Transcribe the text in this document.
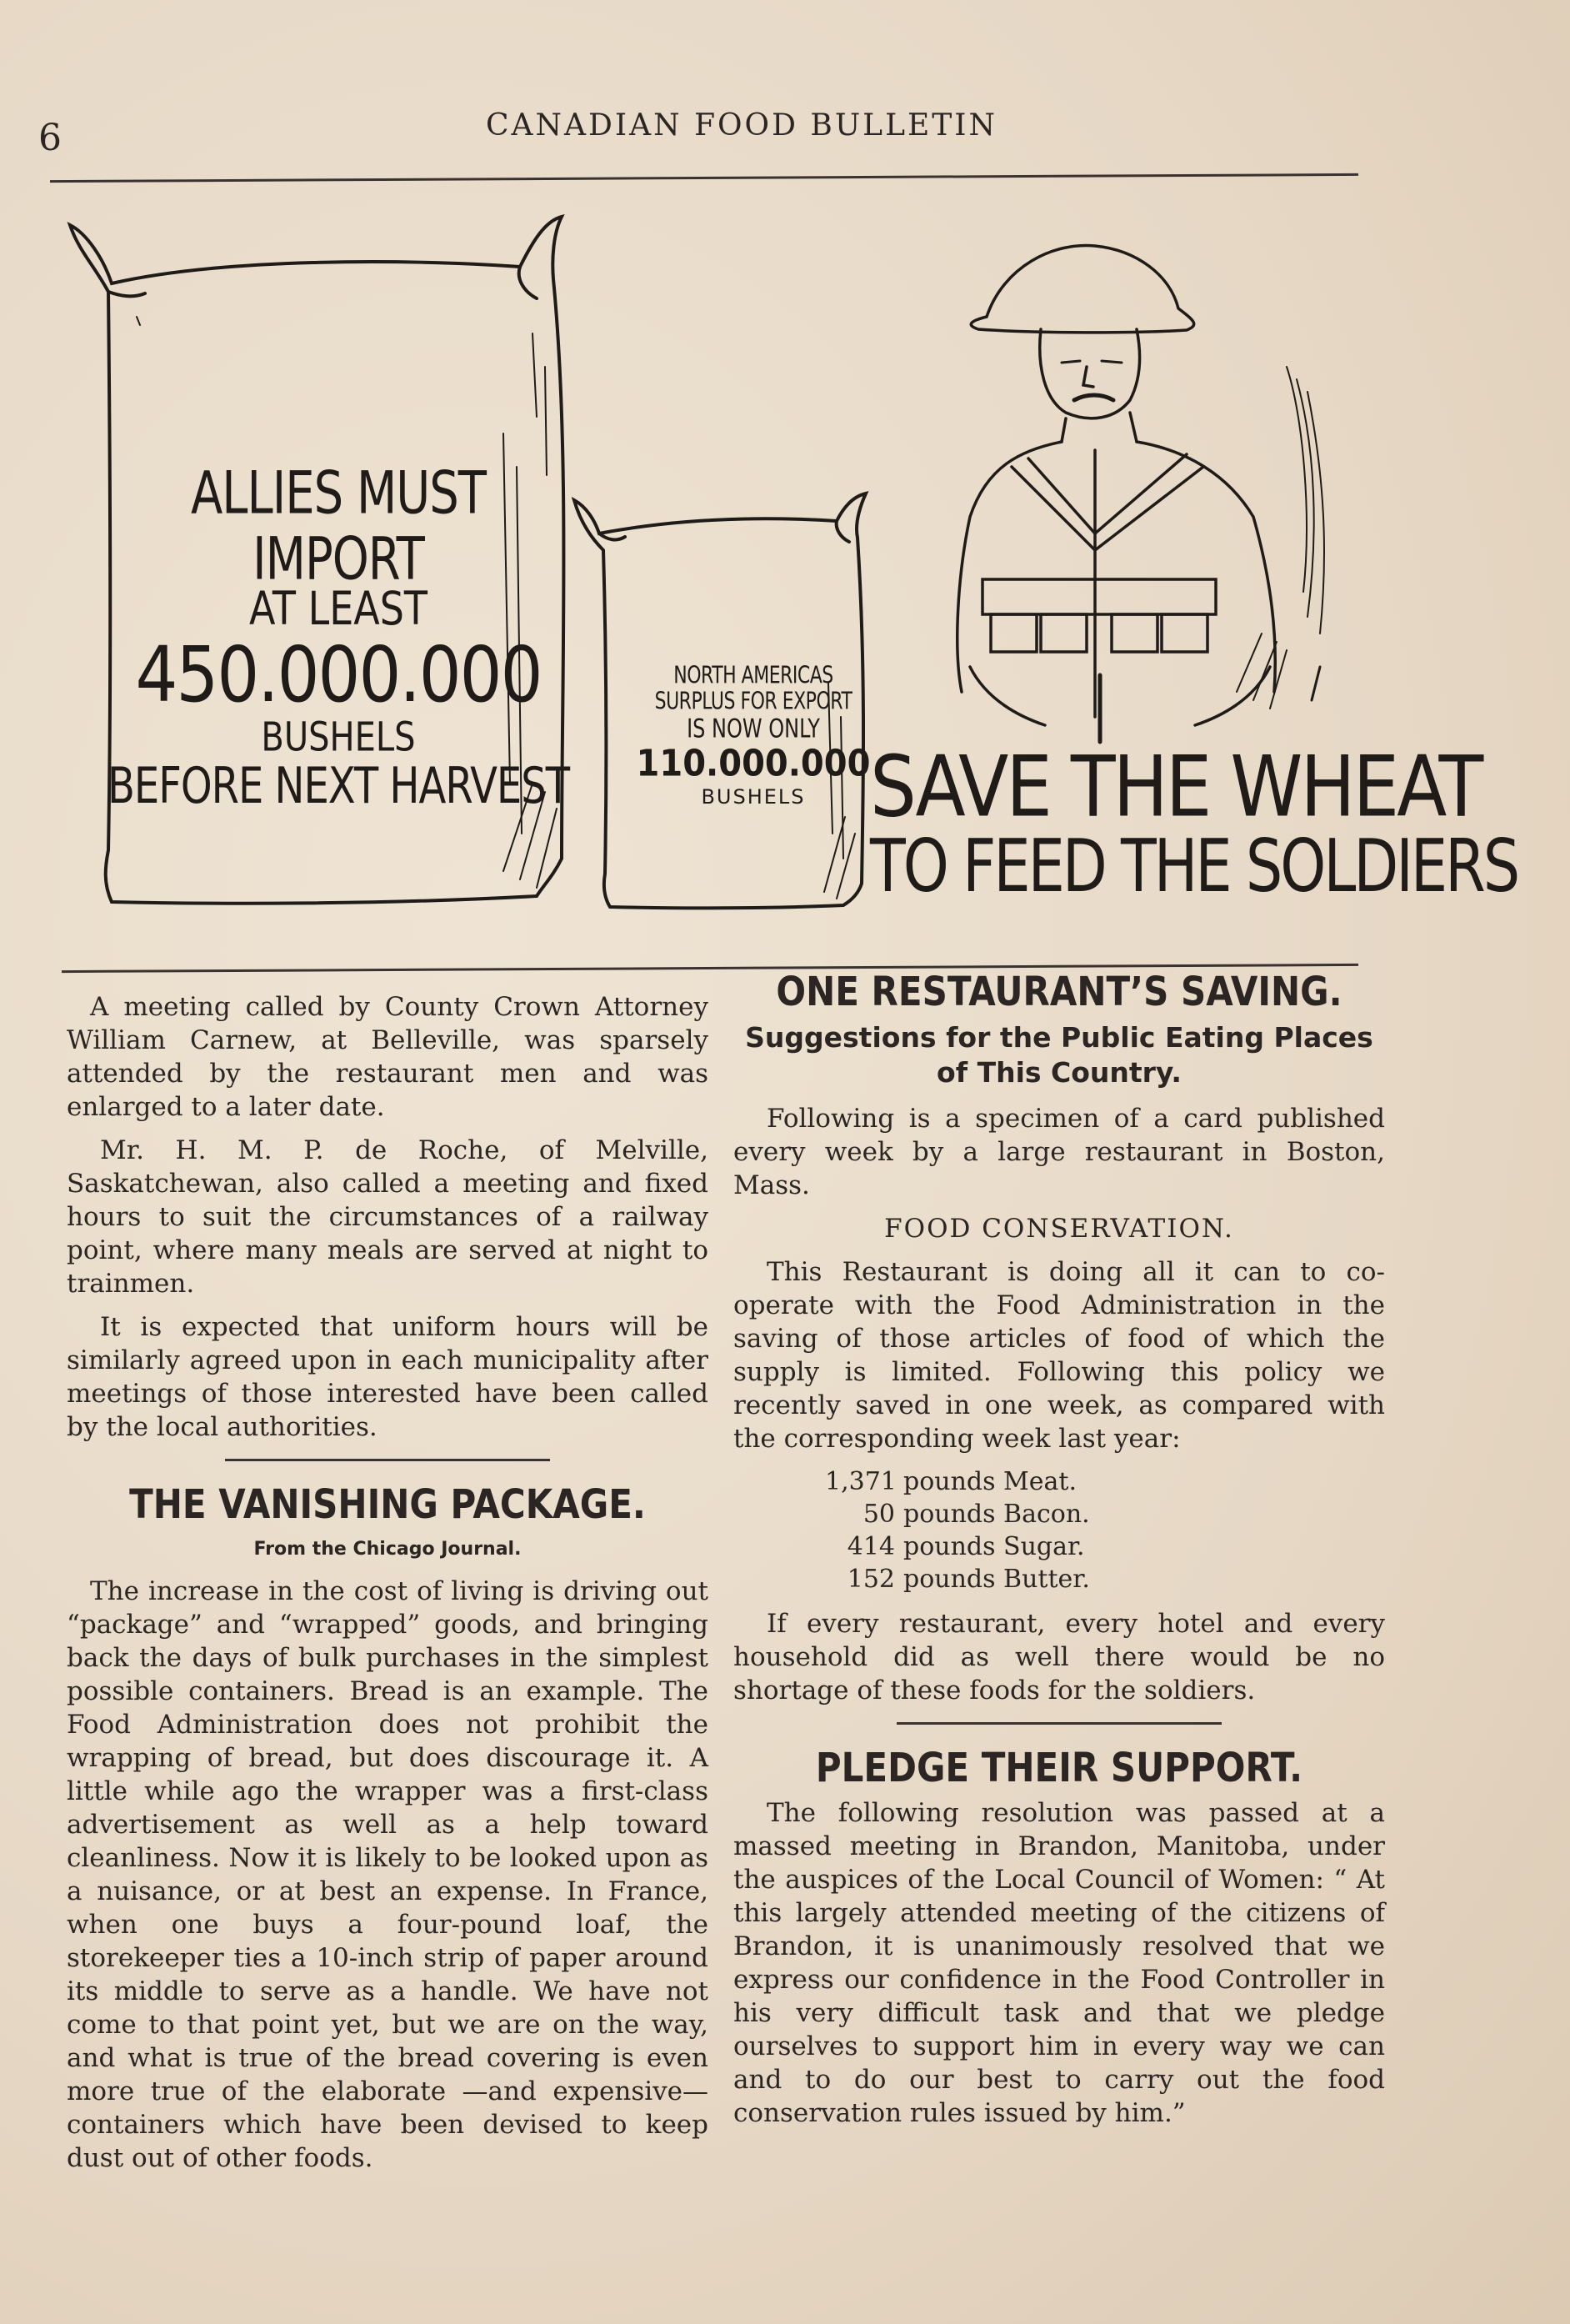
6	CANADIAN FOOD BULLETIN
ALLIES MUST IMPORT
AT LEAST
450.000.000
BUSHELS
BEFORE NEXT HARVEST
NORTH AMERICAS
SURPLUS FOR EXPORT
IS NOW ONLY
110.000.000
BUSHELS SAVE THE WHEAT
TO FEED THE SOLDIERS

A meeting called by County Crown Attorney William Carnew, at Belleville, was sparsely attended by the restaurant men and was enlarged to a later date.

Mr. H. M. P. de Roche, of Melville, Saskatchewan, also called a meeting and fixed hours to suit the circumstances of a railway point, where many meals are served at night to trainmen.

It is expected that uniform hours will be similarly agreed upon in each municipality after meetings of those interested have been called by the local authorities.

THE VANISHING PACKAGE.
From the Chicago Journal.

The increase in the cost of living is driving out “package” and “wrapped” goods, and bringing back the days of bulk purchases in the simplest possible containers. Bread is an example. The Food Administration does not prohibit the wrapping of bread, but does discourage it. A little while ago the wrapper was a first-class advertisement as well as a help toward cleanliness. Now it is likely to be looked upon as a nuisance, or at best an expense. In France, when one buys a four-pound loaf, the storekeeper ties a 10-inch strip of paper around its middle to serve as a handle. We have not come to that point yet, but we are on the way, and what is true of the bread covering is even more true of the elaborate —and expensive—containers which have been devised to keep dust out of other foods.

ONE RESTAURANT’S SAVING.
Suggestions for the Public Eating Places of This Country.

Following is a specimen of a card published every week by a large restaurant in Boston, Mass.

FOOD CONSERVATION.

This Restaurant is doing all it can to co-operate with the Food Administration in the saving of those articles of food of which the supply is limited. Following this policy we recently saved in one week, as compared with the corresponding week last year:

1,371 pounds Meat.
50 pounds Bacon.
414 pounds Sugar.
152 pounds Butter.

If every restaurant, every hotel and every household did as well there would be no shortage of these foods for the soldiers.

PLEDGE THEIR SUPPORT.

The following resolution was passed at a massed meeting in Brandon, Manitoba, under the auspices of the Local Council of Women: “ At this largely attended meeting of the citizens of Brandon, it is unanimously resolved that we express our confidence in the Food Controller in his very difficult task and that we pledge ourselves to support him in every way we can and to do our best to carry out the food conservation rules issued by him.”
